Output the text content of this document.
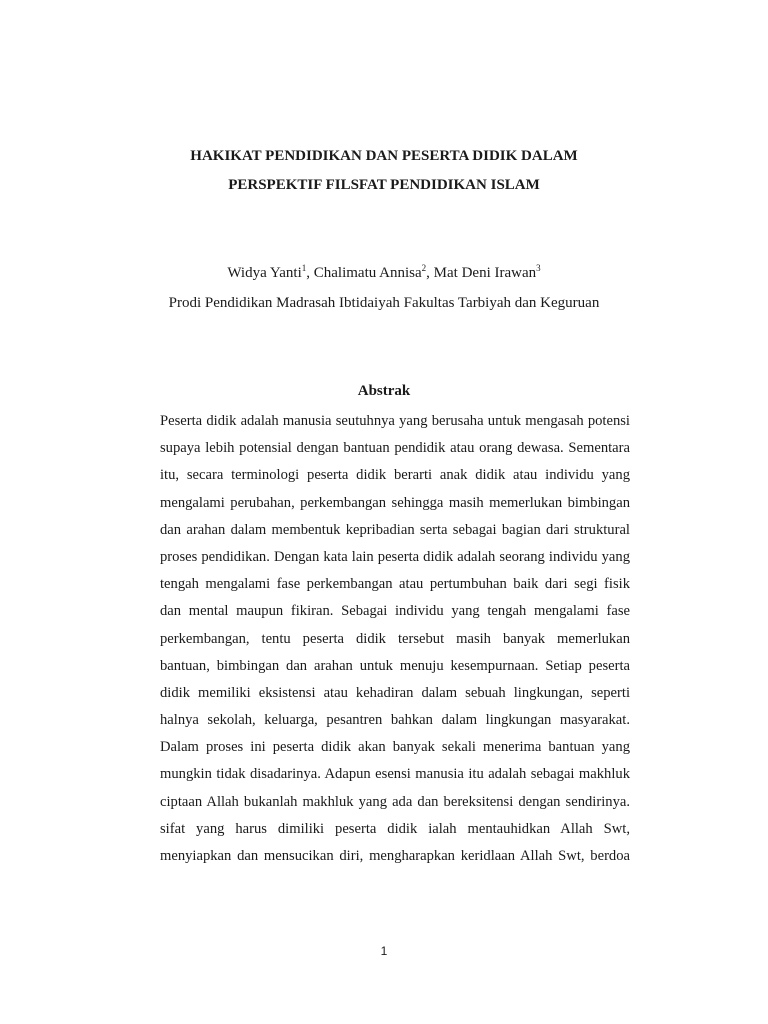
HAKIKAT PENDIDIKAN DAN PESERTA DIDIK DALAM
PERSPEKTIF FILSFAT PENDIDIKAN ISLAM
Widya Yanti$^1$, Chalimatu Annisa$^2$, Mat Deni Irawan$^3$
Prodi Pendidikan Madrasah Ibtidaiyah Fakultas Tarbiyah dan Keguruan
Abstrak
Peserta didik adalah manusia seutuhnya yang berusaha untuk mengasah potensi
supaya lebih potensial dengan bantuan pendidik atau orang dewasa. Sementara
itu, secara terminologi peserta didik berarti anak didik atau individu yang
mengalami perubahan, perkembangan sehingga masih memerlukan bimbingan
dan arahan dalam membentuk kepribadian serta sebagai bagian dari struktural
proses pendidikan. Dengan kata lain peserta didik adalah seorang individu yang
tengah mengalami fase perkembangan atau pertumbuhan baik dari segi fisik
dan mental maupun fikiran. Sebagai individu yang tengah mengalami fase
perkembangan, tentu peserta didik tersebut masih banyak memerlukan
bantuan, bimbingan dan arahan untuk menuju kesempurnaan. Setiap peserta
didik memiliki eksistensi atau kehadiran dalam sebuah lingkungan, seperti
halnya sekolah, keluarga, pesantren bahkan dalam lingkungan masyarakat.
Dalam proses ini peserta didik akan banyak sekali menerima bantuan yang
mungkin tidak disadarinya. Adapun esensi manusia itu adalah sebagai makhluk
ciptaan Allah bukanlah makhluk yang ada dan bereksitensi dengan sendirinya.
sifat yang harus dimiliki peserta didik ialah mentauhidkan Allah Swt,
menyiapkan dan mensucikan diri, mengharapkan keridlaan Allah Swt, berdoa
1
